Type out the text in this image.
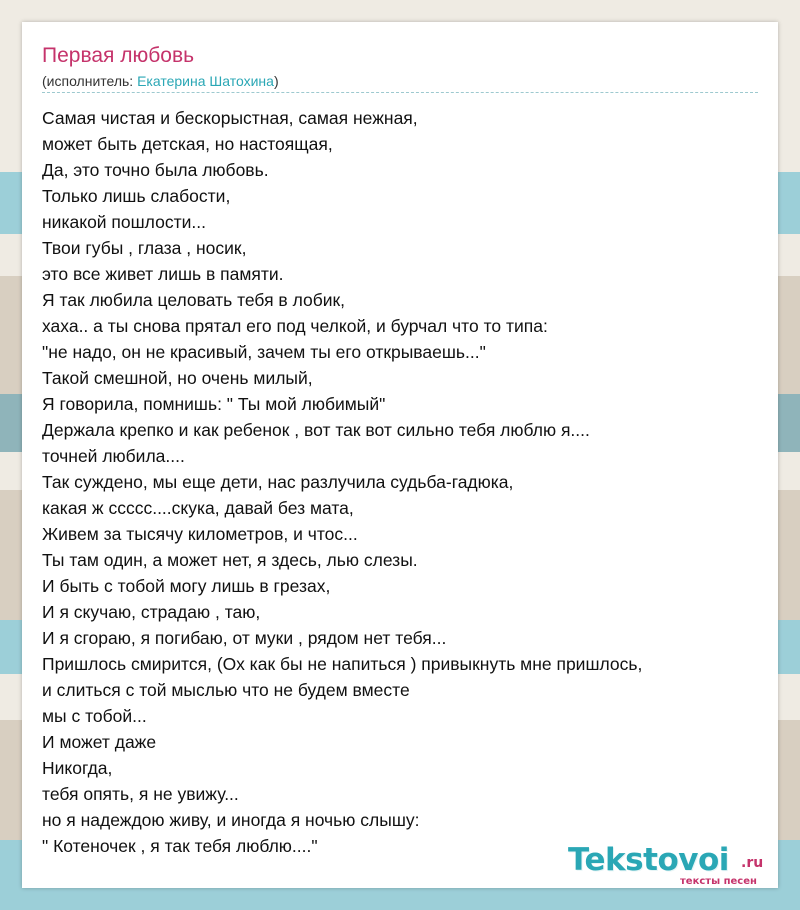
Первая любовь
(исполнитель: Екатерина Шатохина)
Самая чистая и бескорыстная, самая нежная,
может быть детская, но настоящая,
Да, это точно была любовь.
Только лишь слабости,
никакой пошлости...
Твои губы , глаза , носик,
это все живет лишь в памяти.
Я так любила целовать тебя в лобик,
хаха.. а ты снова прятал его под челкой, и бурчал что то типа:
"не надо, он не красивый, зачем ты его открываешь..."
Такой смешной, но очень милый,
Я говорила, помнишь: " Ты мой любимый"
Держала крепко и как ребенок , вот так вот сильно тебя люблю я....
точней любила....
Так суждено, мы еще дети, нас разлучила судьба-гадюка,
какая ж ссссс....скука, давай без мата,
Живем за тысячу километров, и чтос...
Ты там один, а может нет, я здесь, лью слезы.
И быть с тобой могу лишь в грезах,
И я скучаю, страдаю , таю,
И я сгораю, я погибаю, от муки , рядом нет тебя...
Пришлось смирится, (Ох как бы не напиться ) привыкнуть мне пришлось,
и слиться с той мыслью что не будем вместе
мы с тобой...
И может даже
Никогда,
тебя опять, я не увижу...
но я надеждою живу, и иногда я ночью слышу:
" Котеночек , я так тебя люблю...."	Tekstovoi .ru
тексты песен
